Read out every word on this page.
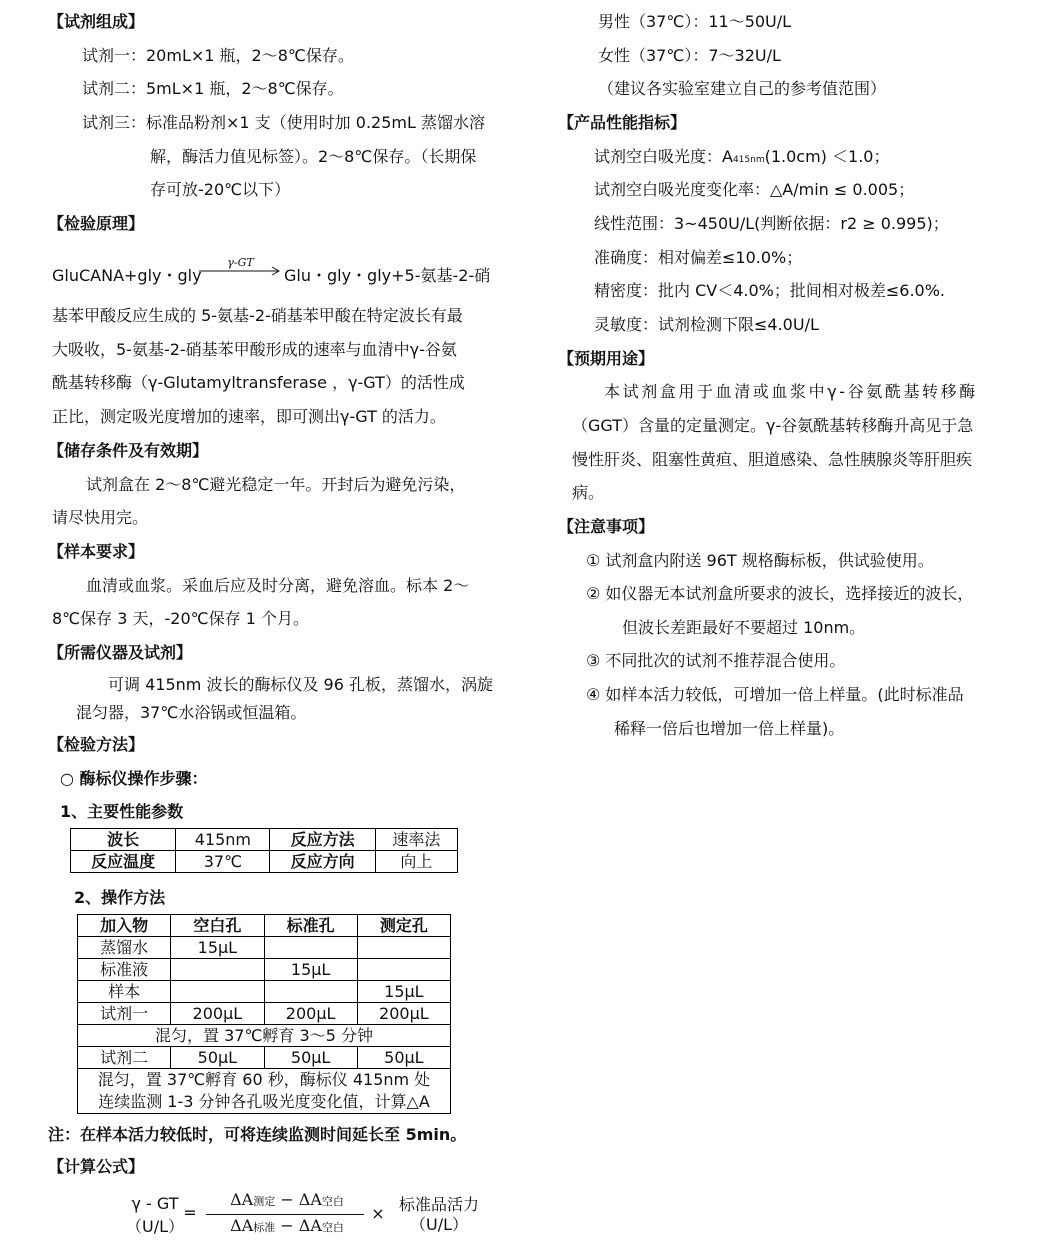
【试剂组成】
试剂一：20mL×1 瓶，2～8℃保存。
试剂二：5mL×1 瓶，2～8℃保存。
试剂三：标准品粉剂×1 支（使用时加 0.25mL 蒸馏水溶
解，酶活力值见标签）。2～8℃保存。（长期保
存可放-20℃以下）
【检验原理】
GluCANA+gly・gly
γ-GT
Glu・gly・gly+5-氨基-2-硝
基苯甲酸反应生成的 5-氨基-2-硝基苯甲酸在特定波长有最
大吸收，5-氨基-2-硝基苯甲酸形成的速率与血清中γ-谷氨
酰基转移酶（γ-Glutamyltransferase ，γ-GT）的活性成
正比，测定吸光度增加的速率，即可测出γ-GT 的活力。
【储存条件及有效期】
试剂盒在 2～8℃避光稳定一年。开封后为避免污染，
请尽快用完。
【样本要求】
血清或血浆。采血后应及时分离，避免溶血。标本 2～
8℃保存 3 天，-20℃保存 1 个月。
【所需仪器及试剂】
可调 415nm 波长的酶标仪及 96 孔板，蒸馏水，涡旋
混匀器，37℃水浴锅或恒温箱。
【检验方法】
○ 酶标仪操作步骤：
1、主要性能参数
波长	415nm	反应方法	速率法
反应温度	37℃	反应方向	向上
2、操作方法
加入物	空白孔	标准孔	测定孔
蒸馏水	15μL		
标准液		15μL	
样本			15μL
试剂一	200μL	200μL	200μL
混匀，置 37℃孵育 3～5 分钟			
试剂二	50μL	50μL	50μL

混匀，置 37℃孵育 60 秒，酶标仪 415nm 处
连续监测 1-3 分钟各孔吸光度变化值，计算△A			
注：在样本活力较低时，可将连续监测时间延长至 5min。
【计算公式】
γ - GT
（U/L）
=
ΔA测定 − ΔA空白
ΔA标准 − ΔA空白
× 标准品活力
（U/L）
男性（37℃）：11～50U/L
女性（37℃）：7～32U/L
（建议各实验室建立自己的参考值范围）
【产品性能指标】
试剂空白吸光度：A415nm(1.0cm) ＜1.0；
试剂空白吸光度变化率：△A/min ≤ 0.005；
线性范围：3~450U/L(判断依据：r2 ≥ 0.995)；
准确度：相对偏差≤10.0%；
精密度：批内 CV＜4.0%；批间相对极差≤6.0%.
灵敏度：试剂检测下限≤4.0U/L
【预期用途】
本试剂盒用于血清或血浆中γ-谷氨酰基转移酶
（GGT）含量的定量测定。γ-谷氨酰基转移酶升高见于急
慢性肝炎、阻塞性黄疸、胆道感染、急性胰腺炎等肝胆疾
病。
【注意事项】
① 试剂盒内附送 96T 规格酶标板，供试验使用。
② 如仪器无本试剂盒所要求的波长，选择接近的波长，
但波长差距最好不要超过 10nm。
③ 不同批次的试剂不推荐混合使用。
④ 如样本活力较低，可增加一倍上样量。(此时标准品
稀释一倍后也增加一倍上样量)。
